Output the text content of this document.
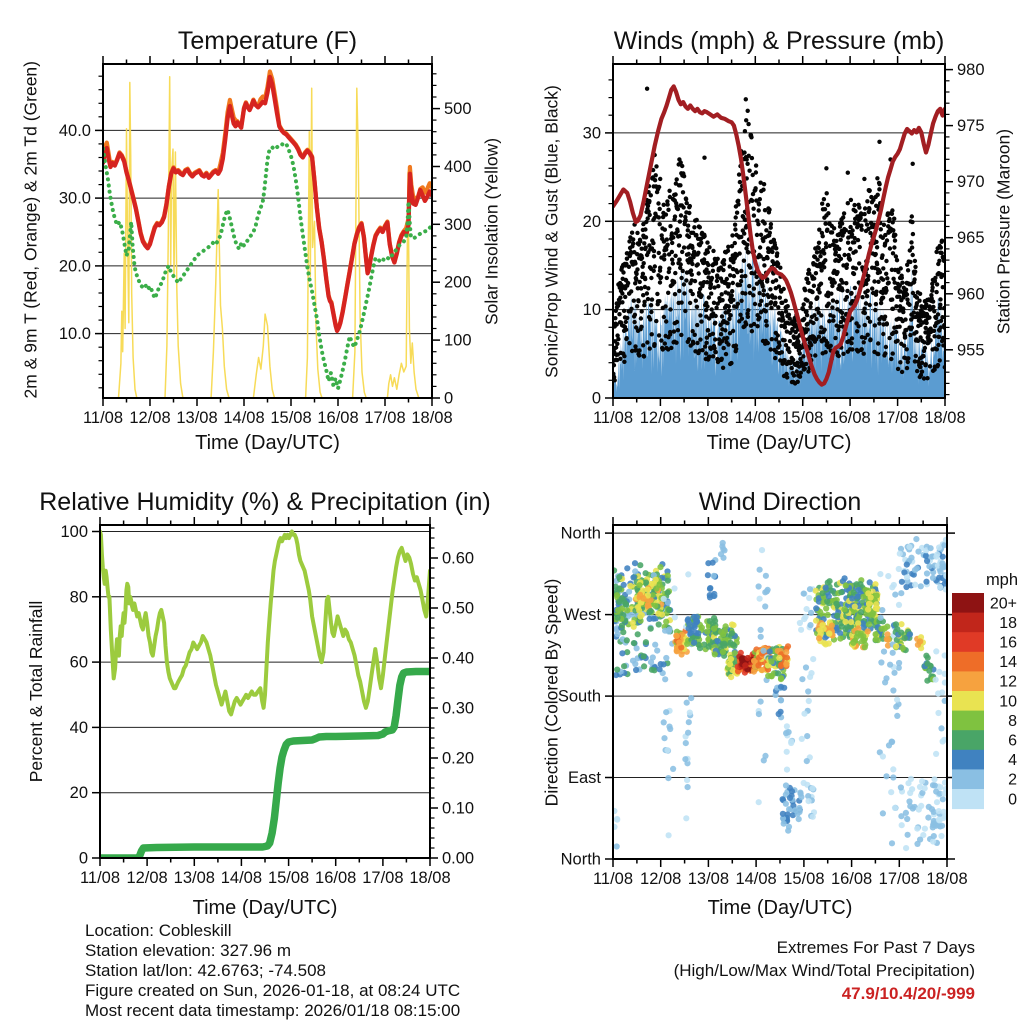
11/08 12/08 13/08 14/08 15/08 16/08 17/08 18/08
10.0
20.0
30.0
40.0
0
100
200
300
400
500
11/08 12/08 13/08 14/08 15/08 16/08 17/08 18/08
0
10
20
30
955
960
965
970
975
980
11/08 12/08 13/08 14/08 15/08 16/08 17/08 18/08
0
20
40
60
80
100
0.00
0.10
0.20
0.30
0.40
0.50
0.60
11/08 12/08 13/08 14/08 15/08 16/08 17/08 18/08
North
West
South
East
North
20+
18
16
14
12
10
8
6
4
2
0
Temperature (F)	Winds (mph) & Pressure (mb)
Relative Humidity (%) & Precipitation (in)	Wind Direction
Time (Day/UTC)	Time (Day/UTC)
Time (Day/UTC)	Time (Day/UTC)
2m & 9m T (Red, Orange) & 2m Td (Green)	Solar Insolation (Yellow) Sonic/Prop Wind & Gust (Blue, Black)	Station Pressure (Maroon)
Percent & Total Rainfall	Direction (Colored By Speed)	mph
Location: Cobleskill
Station elevation: 327.96 m
Station lat/lon: 42.6763; -74.508
Figure created on Sun, 2026-01-18, at 08:24 UTC
Most recent data timestamp: 2026/01/18 08:15:00
Extremes For Past 7 Days
(High/Low/Max Wind/Total Precipitation)
47.9/10.4/20/-999
